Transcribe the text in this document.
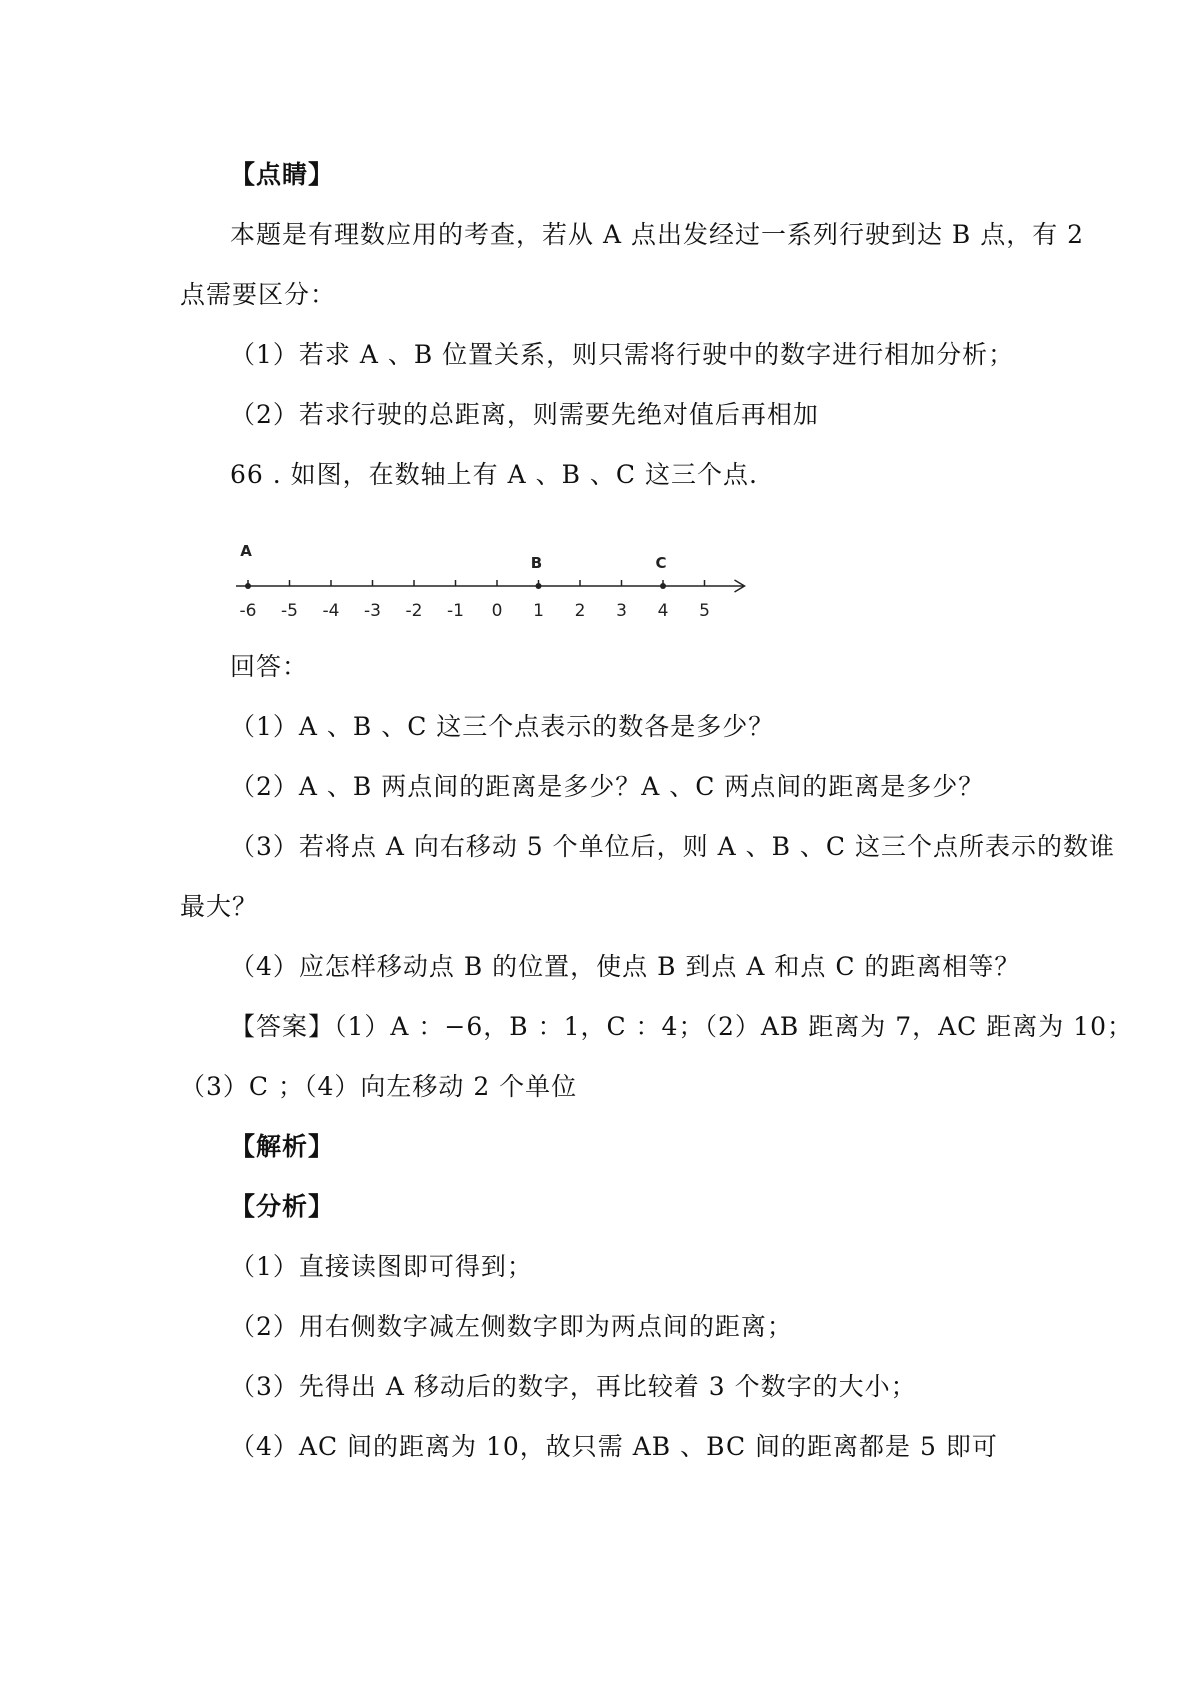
【点睛】
本题是有理数应用的考查，若从 A 点出发经过一系列行驶到达 B 点，有 2
点需要区分：
（1）若求 A 、B 位置关系，则只需将行驶中的数字进行相加分析；
（2）若求行驶的总距离，则需要先绝对值后再相加
66 . 如图，在数轴上有 A 、B 、C 这三个点.
-6 -5 -4 -3 -2 -1 0 1 2 3 4 5
A
B	C
回答：
（1）A 、B 、C 这三个点表示的数各是多少？
（2）A 、B 两点间的距离是多少？A 、C 两点间的距离是多少？
（3）若将点 A 向右移动 5 个单位后，则 A 、B 、C 这三个点所表示的数谁
最大？
（4）应怎样移动点 B 的位置，使点 B 到点 A 和点 C 的距离相等？
【答案】（1）A ：−6，B ：1，C ：4；（2）AB 距离为 7，AC 距离为 10；
（3）C ；（4）向左移动 2 个单位
【解析】
【分析】
（1）直接读图即可得到；
（2）用右侧数字减左侧数字即为两点间的距离；
（3）先得出 A 移动后的数字，再比较着 3 个数字的大小；
（4）AC 间的距离为 10，故只需 AB 、BC 间的距离都是 5 即可
